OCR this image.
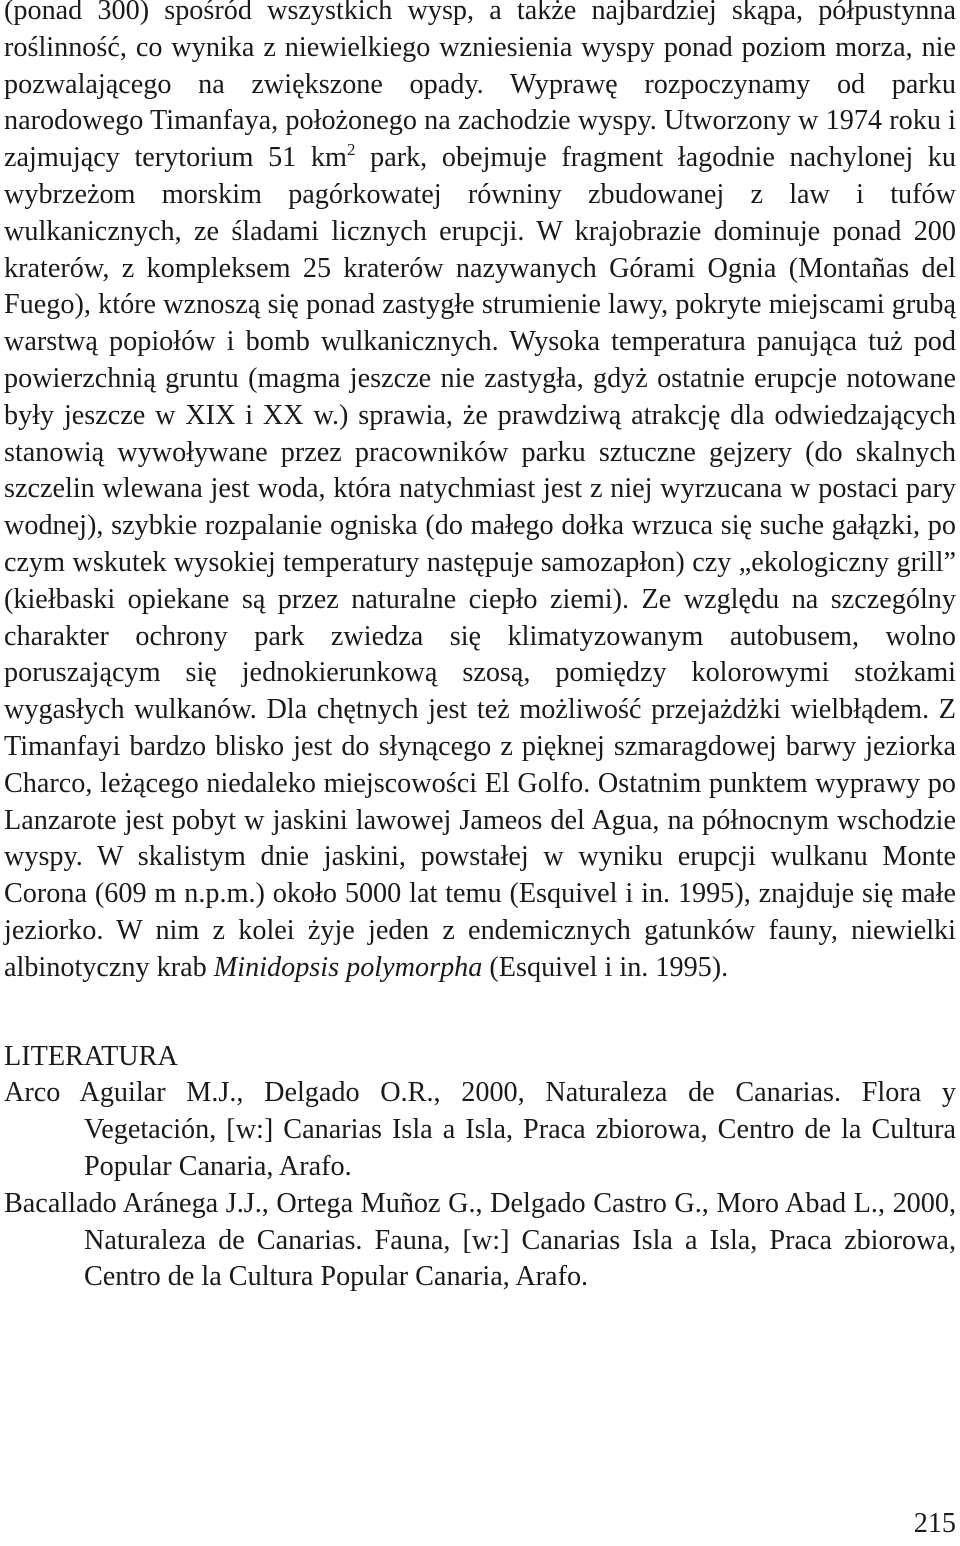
(ponad 300) spośród wszystkich wysp, a także najbardziej skąpa, półpustynna roślinność, co wynika z niewielkiego wzniesienia wyspy ponad poziom morza, nie pozwalającego na zwiększone opady. Wyprawę rozpoczynamy od parku narodowego Timanfaya, położonego na zachodzie wyspy. Utworzony w 1974 roku i zajmujący terytorium 51 $km^2$ park, obejmuje fragment łagodnie nachylonej ku wybrzeżom morskim pagórkowatej równiny zbudowanej z law i tufów wulkanicznych, ze śladami licznych erupcji. W krajobrazie dominuje ponad 200 kraterów, z kompleksem 25 kraterów nazywanych Górami Ognia (Montañas del Fuego), które wznoszą się ponad zastygłe strumienie lawy, pokryte miejscami grubą warstwą popiołów i bomb wulkanicznych. Wysoka temperatura panująca tuż pod powierzchnią gruntu (magma jeszcze nie zastygła, gdyż ostatnie erupcje notowane były jeszcze w XIX i XX w.) sprawia, że prawdziwą atrakcję dla odwiedzających stanowią wywoływane przez pracowników parku sztuczne gejzery (do skalnych szczelin wlewana jest woda, która natychmiast jest z niej wyrzucana w postaci pary wodnej), szybkie rozpalanie ogniska (do małego dołka wrzuca się suche gałązki, po czym wskutek wysokiej temperatury następuje samozapłon) czy „ekologiczny grill” (kiełbaski opiekane są przez naturalne ciepło ziemi). Ze względu na szczególny charakter ochrony park zwiedza się klimatyzowanym autobusem, wolno poruszającym się jednokierunkową szosą, pomiędzy kolorowymi stożkami wygasłych wulkanów. Dla chętnych jest też możliwość przejażdżki wielbłądem. Z Timanfayi bardzo blisko jest do słynącego z pięknej szmaragdowej barwy jeziorka Charco, leżącego niedaleko miejscowości El Golfo. Ostatnim punktem wyprawy po Lanzarote jest pobyt w jaskini lawowej Jameos del Agua, na północnym wschodzie wyspy. W skalistym dnie jaskini, powstałej w wyniku erupcji wulkanu Monte Corona (609 m n.p.m.) około 5000 lat temu (Esquivel i in. 1995), znajduje się małe jeziorko. W nim z kolei żyje jeden z endemicznych gatunków fauny, niewielki albinotyczny krab Minidopsis polymorpha (Esquivel i in. 1995).

LITERATURA

Arco Aguilar M.J., Delgado O.R., 2000, Naturaleza de Canarias. Flora y Vegetación, [w:] Canarias Isla a Isla, Praca zbiorowa, Centro de la Cultura Popular Canaria, Arafo.

Bacallado Aránega J.J., Ortega Muñoz G., Delgado Castro G., Moro Abad L., 2000, Naturaleza de Canarias. Fauna, [w:] Canarias Isla a Isla, Praca zbiorowa, Centro de la Cultura Popular Canaria, Arafo.

215
